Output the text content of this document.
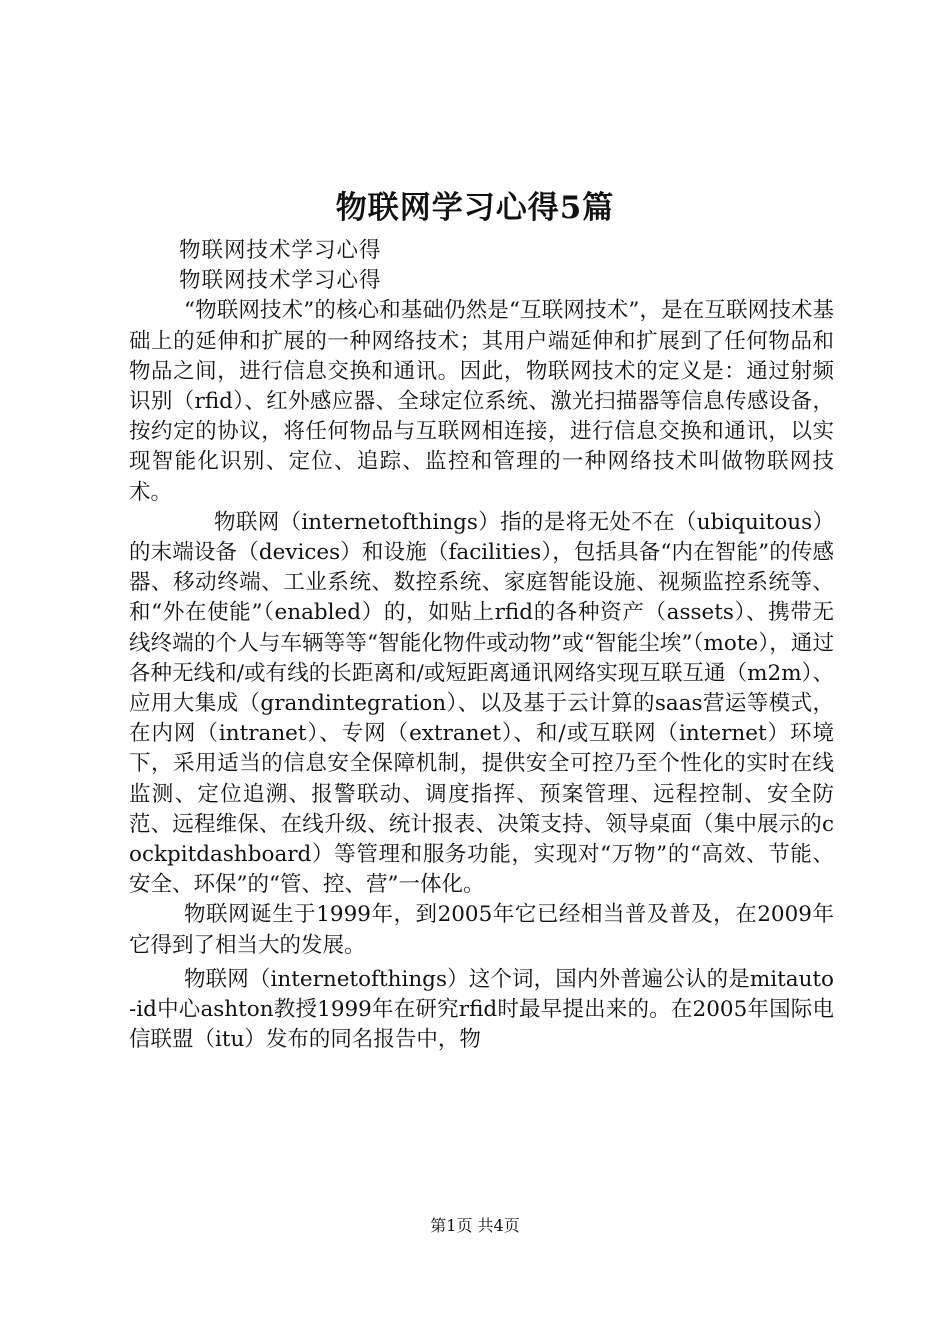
物联网学习心得5篇

物联网技术学习心得

物联网技术学习心得

“物联网技术”的核心和基础仍然是“互联网技术”，是在互联网技术基础上的延伸和扩展的一种网络技术；其用户端延伸和扩展到了任何物品和物品之间，进行信息交换和通讯。因此，物联网技术的定义是：通过射频识别（rfid）、红外感应器、全球定位系统、激光扫描器等信息传感设备，按约定的协议，将任何物品与互联网相连接，进行信息交换和通讯，以实现智能化识别、定位、追踪、监控和管理的一种网络技术叫做物联网技术。

物联网（internetofthings）指的是将无处不在（ubiquitous）的末端设备（devices）和设施（facilities），包括具备“内在智能”的传感器、移动终端、工业系统、数控系统、家庭智能设施、视频监控系统等、和“外在使能”（enabled）的，如贴上rfid的各种资产（assets）、携带无线终端的个人与车辆等等“智能化物件或动物”或“智能尘埃”（mote），通过各种无线和/或有线的长距离和/或短距离通讯网络实现互联互通（m2m）、应用大集成（grandintegration）、以及基于云计算的saas营运等模式，在内网（intranet）、专网（extranet）、和/或互联网（internet）环境下，采用适当的信息安全保障机制，提供安全可控乃至个性化的实时在线监测、定位追溯、报警联动、调度指挥、预案管理、远程控制、安全防范、远程维保、在线升级、统计报表、决策支持、领导桌面（集中展示的cockpitdashboard）等管理和服务功能，实现对“万物”的“高效、节能、安全、环保”的“管、控、营”一体化。

物联网诞生于1999年，到2005年它已经相当普及普及，在2009年它得到了相当大的发展。

物联网（internetofthings）这个词，国内外普遍公认的是mitauto-id中心ashton教授1999年在研究rfid时最早提出来的。在2005年国际电信联盟（itu）发布的同名报告中，物

第1页 共4页
